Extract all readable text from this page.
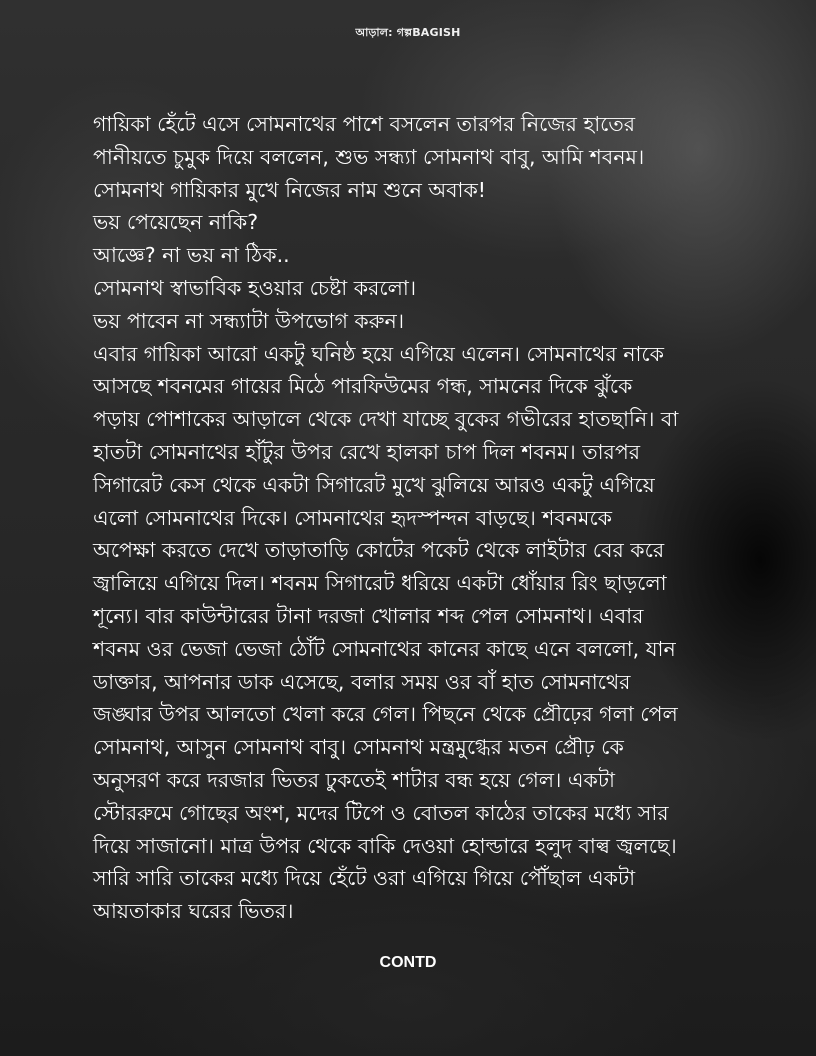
আড়াল: গল্পBAGISH
গায়িকা হেঁটে এসে সোমনাথের পাশে বসলেন তারপর নিজের হাতের
পানীয়তে চুমুক দিয়ে বললেন, শুভ সন্ধ্যা সোমনাথ বাবু, আমি শবনম।
সোমনাথ গায়িকার মুখে নিজের নাম শুনে অবাক!
ভয় পেয়েছেন নাকি?
আজ্ঞে? না ভয় না ঠিক..
সোমনাথ স্বাভাবিক হওয়ার চেষ্টা করলো।
ভয় পাবেন না সন্ধ্যাটা উপভোগ করুন।
এবার গায়িকা আরো একটু ঘনিষ্ঠ হয়ে এগিয়ে এলেন। সোমনাথের নাকে
আসছে শবনমের গায়ের মিঠে পারফিউমের গন্ধ, সামনের দিকে ঝুঁকে
পড়ায় পোশাকের আড়ালে থেকে দেখা যাচ্ছে বুকের গভীরের হাতছানি। বা
হাতটা সোমনাথের হাঁটুর উপর রেখে হালকা চাপ দিল শবনম। তারপর
সিগারেট কেস থেকে একটা সিগারেট মুখে ঝুলিয়ে আরও একটু এগিয়ে
এলো সোমনাথের দিকে। সোমনাথের হৃদস্পন্দন বাড়ছে। শবনমকে
অপেক্ষা করতে দেখে তাড়াতাড়ি কোটের পকেট থেকে লাইটার বের করে
জ্বালিয়ে এগিয়ে দিল। শবনম সিগারেট ধরিয়ে একটা ধোঁয়ার রিং ছাড়লো
শূন্যে। বার কাউন্টারের টানা দরজা খোলার শব্দ পেল সোমনাথ। এবার
শবনম ওর ভেজা ভেজা ঠোঁট সোমনাথের কানের কাছে এনে বললো, যান
ডাক্তার, আপনার ডাক এসেছে, বলার সময় ওর বাঁ হাত সোমনাথের
জঙ্ঘার উপর আলতো খেলা করে গেল। পিছনে থেকে প্রৌঢ়ের গলা পেল
সোমনাথ, আসুন সোমনাথ বাবু। সোমনাথ মন্ত্রমুগ্ধের মতন প্রৌঢ় কে
অনুসরণ করে দরজার ভিতর ঢুকতেই শাটার বন্ধ হয়ে গেল। একটা
স্টোররুমে গোছের অংশ, মদের টিপে ও বোতল কাঠের তাকের মধ্যে সার
দিয়ে সাজানো। মাত্র উপর থেকে বাকি দেওয়া হোল্ডারে হলুদ বাল্ব জ্বলছে।
সারি সারি তাকের মধ্যে দিয়ে হেঁটে ওরা এগিয়ে গিয়ে পৌঁছাল একটা
আয়তাকার ঘরের ভিতর।
CONTD
